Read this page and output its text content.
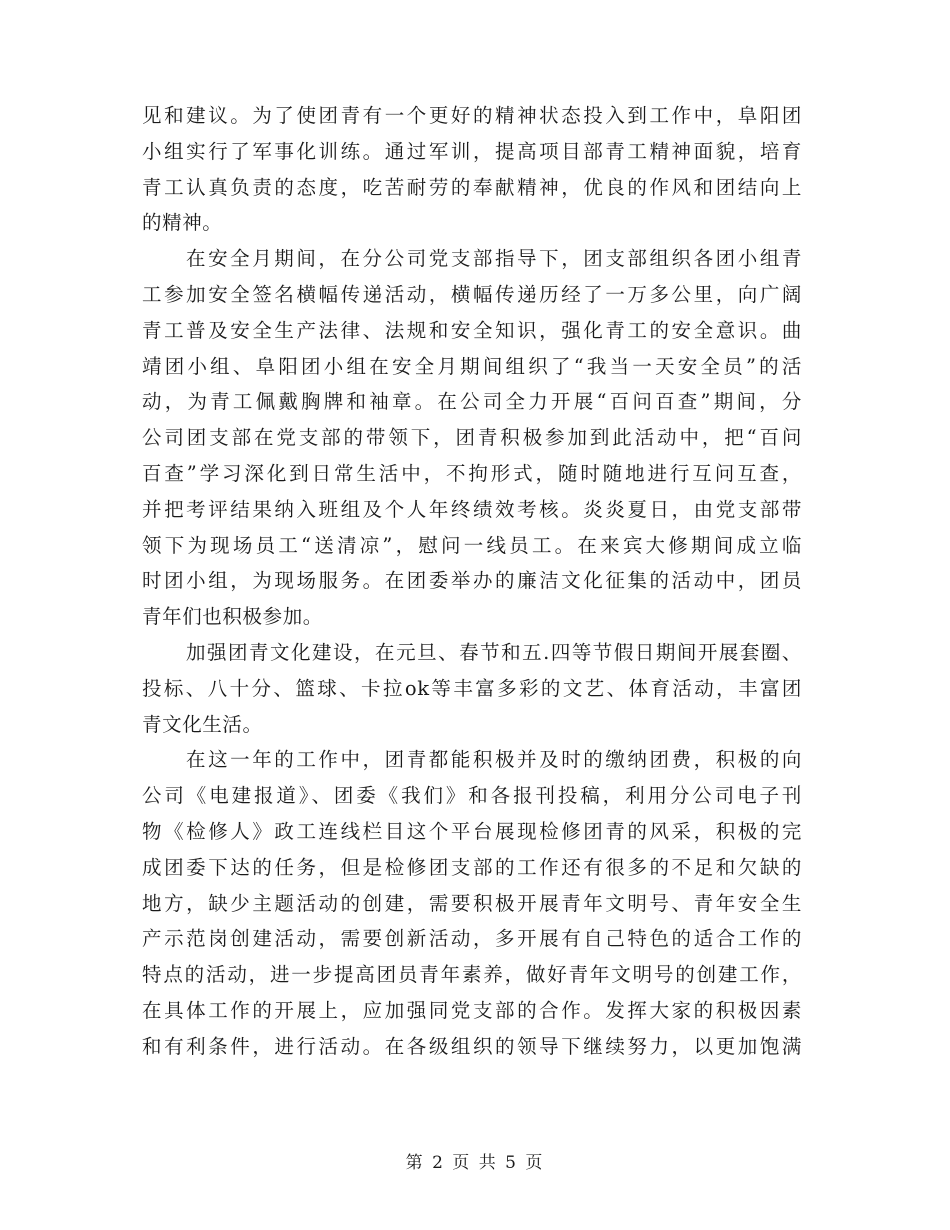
见和建议。为了使团青有一个更好的精神状态投入到工作中，阜阳团
小组实行了军事化训练。通过军训，提高项目部青工精神面貌，培育
青工认真负责的态度，吃苦耐劳的奉献精神，优良的作风和团结向上
的精神。
在安全月期间，在分公司党支部指导下，团支部组织各团小组青
工参加安全签名横幅传递活动，横幅传递历经了一万多公里，向广阔
青工普及安全生产法律、法规和安全知识，强化青工的安全意识。曲
靖团小组、阜阳团小组在安全月期间组织了“我当一天安全员”的活
动，为青工佩戴胸牌和袖章。在公司全力开展“百问百查”期间，分
公司团支部在党支部的带领下，团青积极参加到此活动中，把“百问
百查”学习深化到日常生活中，不拘形式，随时随地进行互问互查，
并把考评结果纳入班组及个人年终绩效考核。炎炎夏日，由党支部带
领下为现场员工“送清凉”，慰问一线员工。在来宾大修期间成立临
时团小组，为现场服务。在团委举办的廉洁文化征集的活动中，团员
青年们也积极参加。
加强团青文化建设，在元旦、春节和五.四等节假日期间开展套圈、
投标、八十分、篮球、卡拉ok等丰富多彩的文艺、体育活动，丰富团
青文化生活。
在这一年的工作中，团青都能积极并及时的缴纳团费，积极的向
公司《电建报道》、团委《我们》和各报刊投稿，利用分公司电子刊
物《检修人》政工连线栏目这个平台展现检修团青的风采，积极的完
成团委下达的任务，但是检修团支部的工作还有很多的不足和欠缺的
地方，缺少主题活动的创建，需要积极开展青年文明号、青年安全生
产示范岗创建活动，需要创新活动，多开展有自己特色的适合工作的
特点的活动，进一步提高团员青年素养，做好青年文明号的创建工作，
在具体工作的开展上，应加强同党支部的合作。发挥大家的积极因素
和有利条件，进行活动。在各级组织的领导下继续努力，以更加饱满
第 2 页 共 5 页
